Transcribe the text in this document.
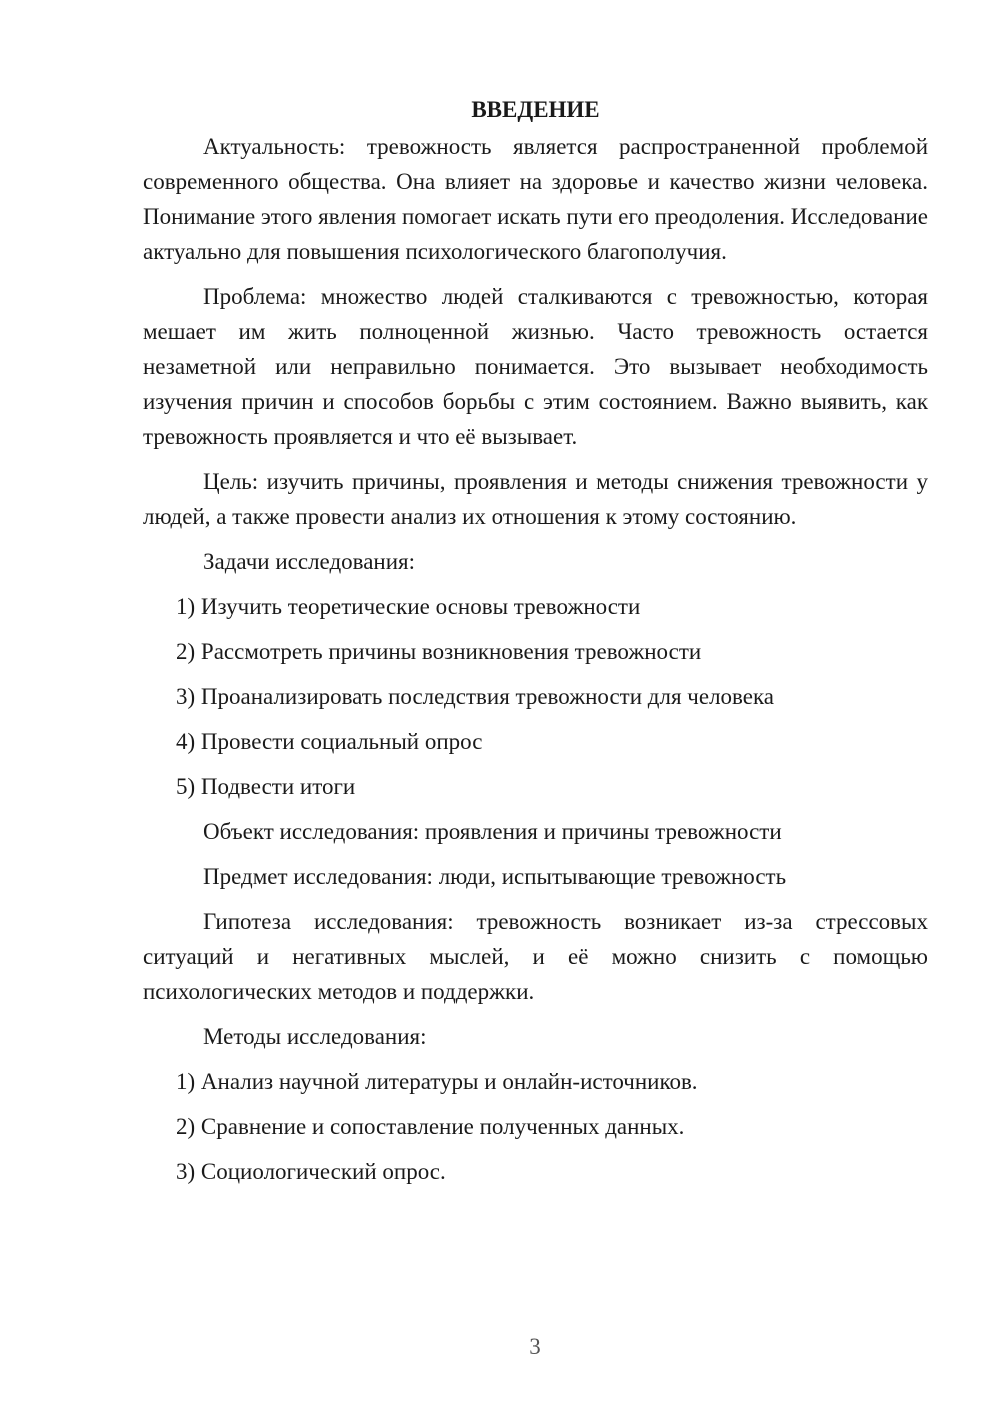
ВВЕДЕНИЕ

Актуальность: тревожность является распространенной проблемой современного общества. Она влияет на здоровье и качество жизни человека. Понимание этого явления помогает искать пути его преодоления. Исследование актуально для повышения психологического благополучия.

Проблема: множество людей сталкиваются с тревожностью, которая мешает им жить полноценной жизнью. Часто тревожность остается незаметной или неправильно понимается. Это вызывает необходимость изучения причин и способов борьбы с этим состоянием. Важно выявить, как тревожность проявляется и что её вызывает.

Цель: изучить причины, проявления и методы снижения тревожности у людей, а также провести анализ их отношения к этому состоянию.

Задачи исследования:
1) Изучить теоретические основы тревожности
2) Рассмотреть причины возникновения тревожности
3) Проанализировать последствия тревожности для человека
4) Провести социальный опрос
5) Подвести итоги
Объект исследования: проявления и причины тревожности
Предмет исследования: люди, испытывающие тревожность

Гипотеза исследования: тревожность возникает из-за стрессовых ситуаций и негативных мыслей, и её можно снизить с помощью психологических методов и поддержки.

Методы исследования:
1) Анализ научной литературы и онлайн-источников.
2) Сравнение и сопоставление полученных данных.
3) Социологический опрос.
3
